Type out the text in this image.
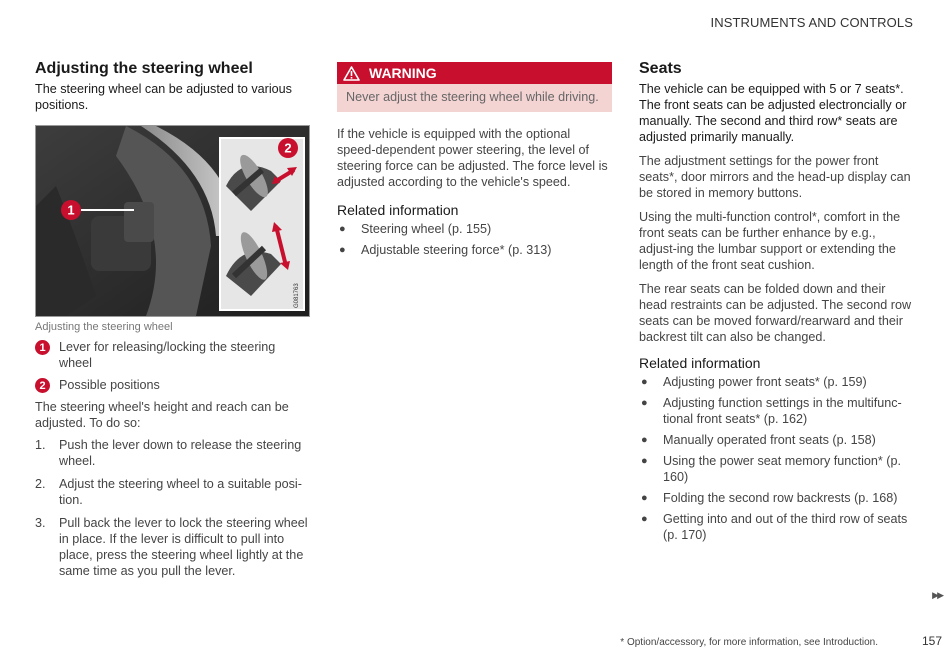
INSTRUMENTS AND CONTROLS
Adjusting the steering wheel

The steering wheel can be adjusted to various positions.

1
2
G081763
Adjusting the steering wheel
1	Lever for releasing/locking the steering wheel
2	Possible positions

The steering wheel's height and reach can be adjusted. To do so:

1.	Push the lever down to release the steering wheel.
2.	Adjust the steering wheel to a suitable posi-tion.
3.	Pull back the lever to lock the steering wheel in place. If the lever is difficult to pull into place, press the steering wheel lightly at the same time as you pull the lever.
WARNING
Never adjust the steering wheel while driving.

If the vehicle is equipped with the optional speed-dependent power steering, the level of steering force can be adjusted. The force level is adjusted according to the vehicle's speed.

Related information
●	Steering wheel (p. 155)
●	Adjustable steering force* (p. 313)
Seats

The vehicle can be equipped with 5 or 7 seats*. The front seats can be adjusted electroncially or manually. The second and third row* seats are adjusted primarily manually.

The adjustment settings for the power front seats*, door mirrors and the head-up display can be stored in memory buttons.

Using the multi-function control*, comfort in the front seats can be further enhance by e.g., adjust-ing the lumbar support or extending the length of the front seat cushion.

The rear seats can be folded down and their head restraints can be adjusted. The second row seats can be moved forward/rearward and their backrest tilt can also be changed.

Related information
●	Adjusting power front seats* (p. 159)
●	Adjusting function settings in the multifunc-tional front seats* (p. 162)
●	Manually operated front seats (p. 158)
●	Using the power seat memory function* (p. 160)
●	Folding the second row backrests (p. 168)
●	Getting into and out of the third row of seats (p. 170)
▶▶
* Option/accessory, for more information, see Introduction.	157
